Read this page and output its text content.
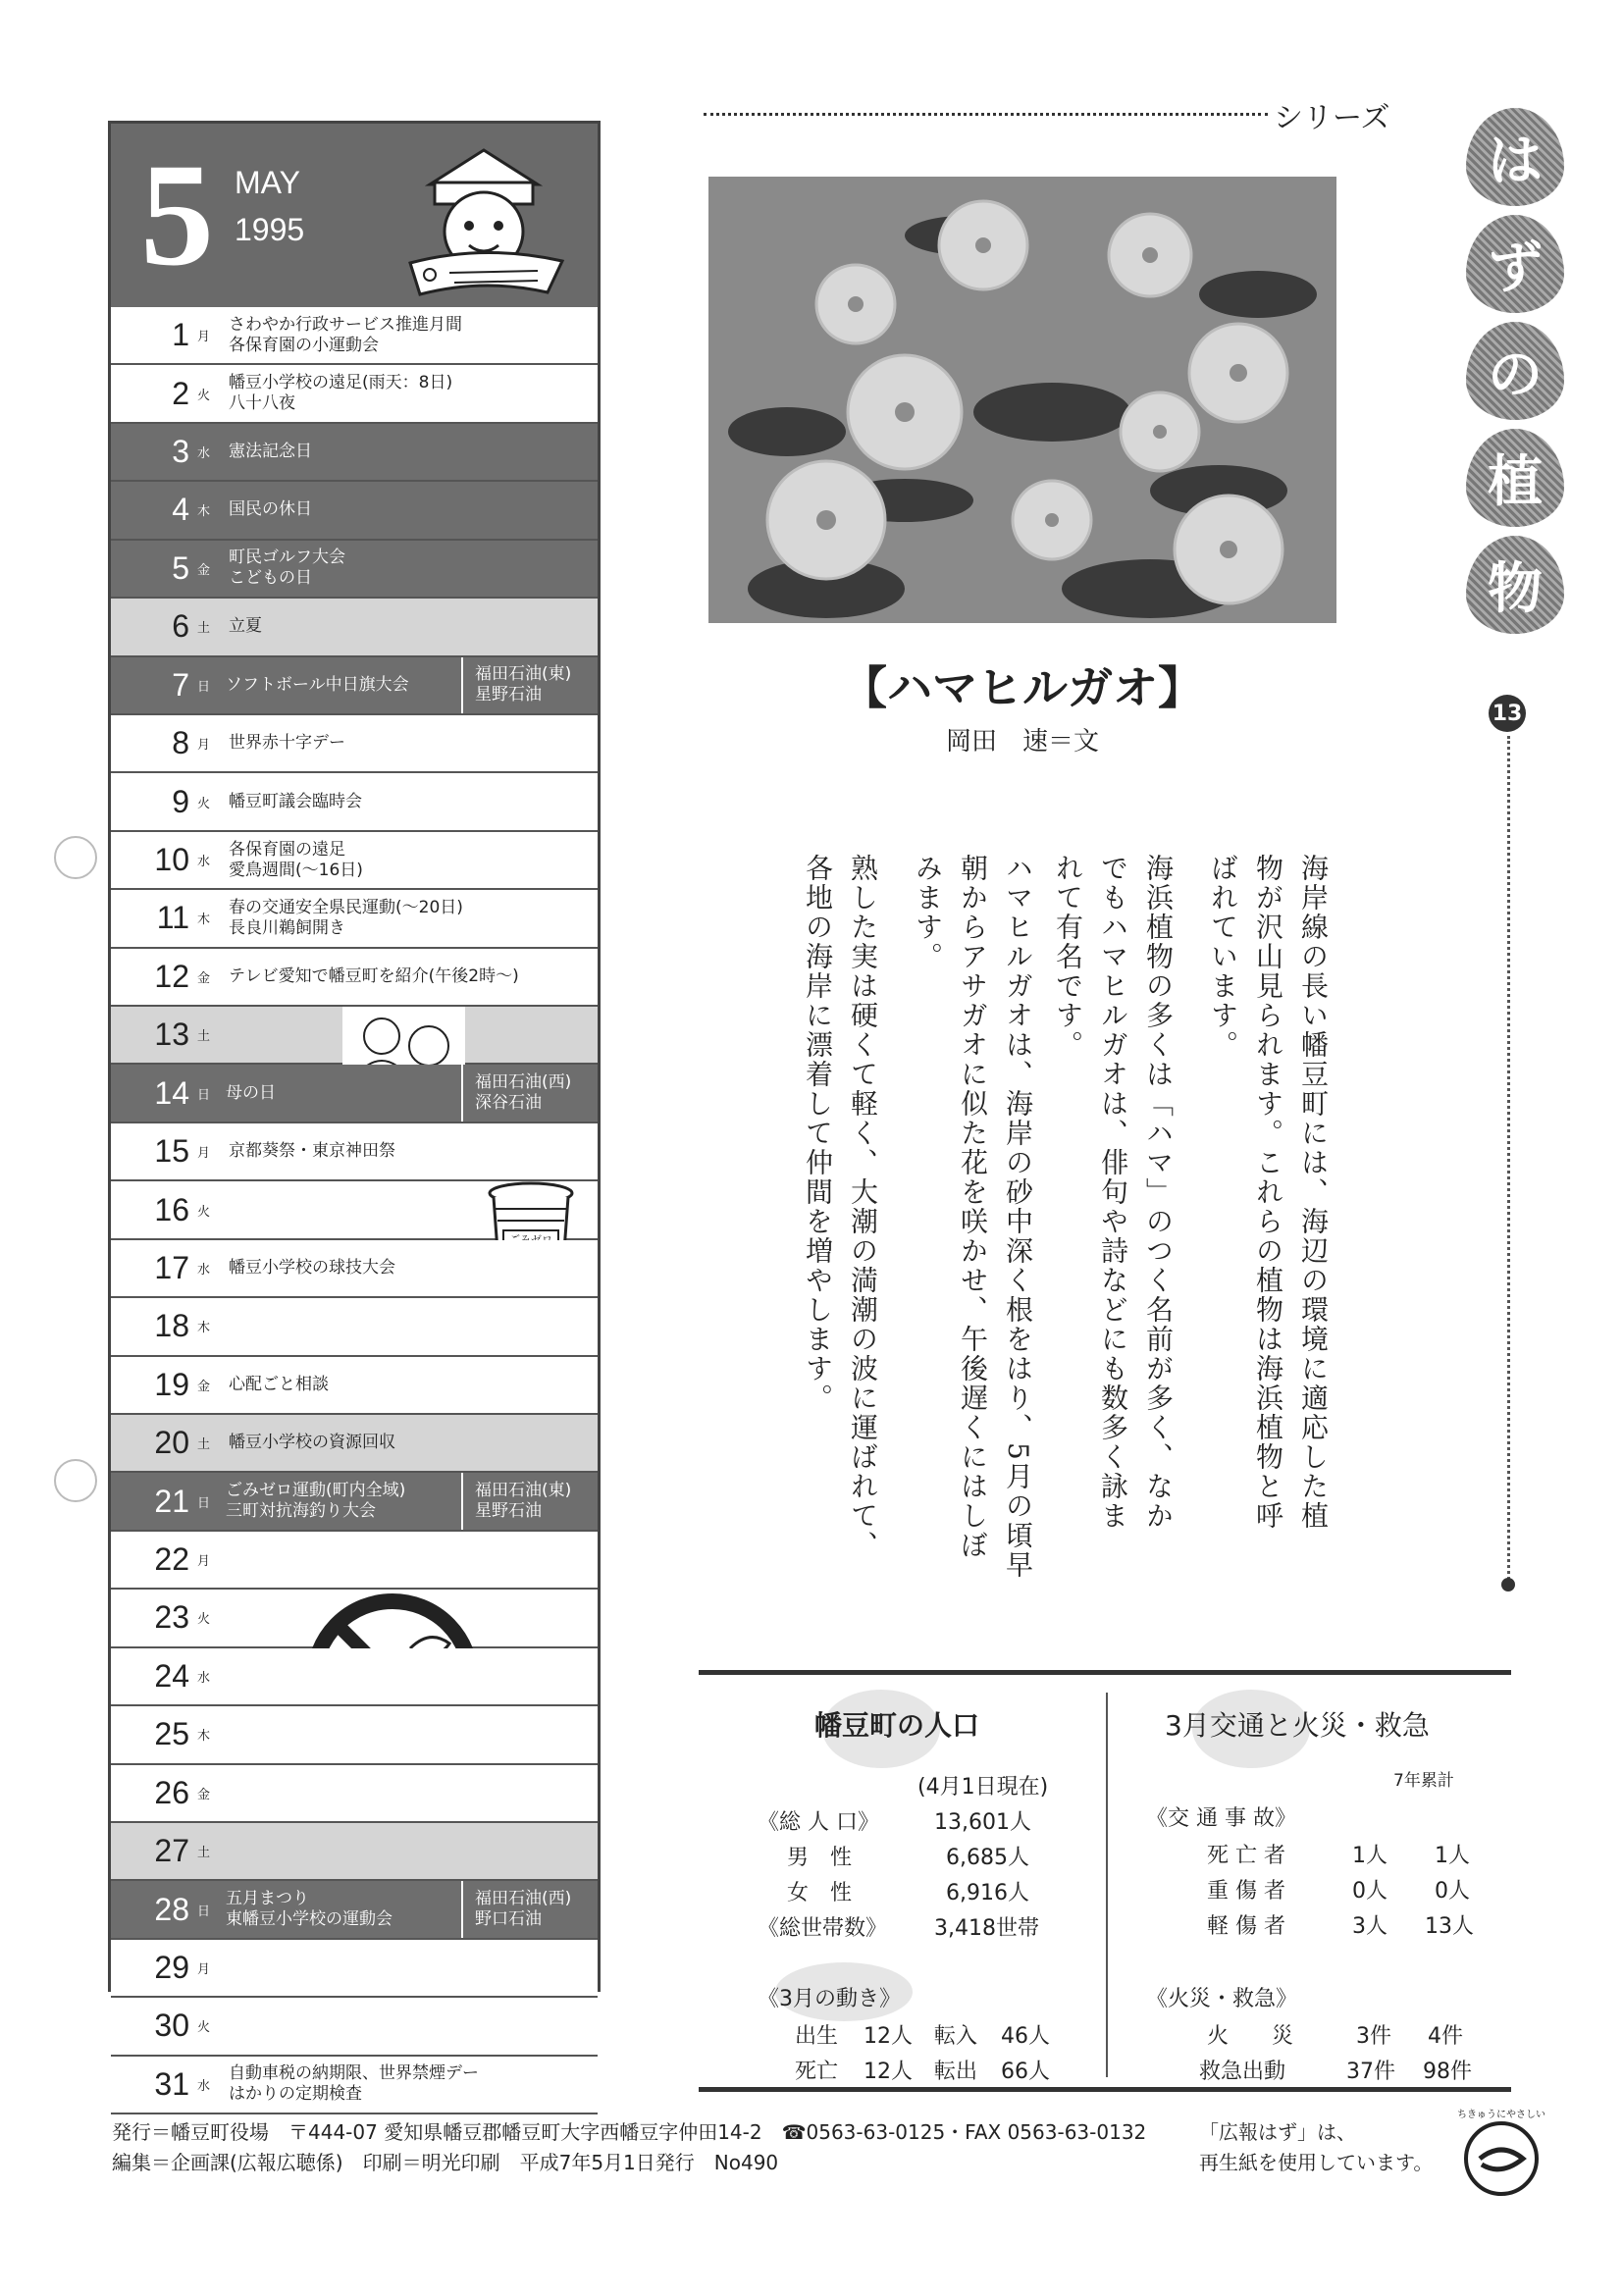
5 MAY
1995
1 月
さわやか行政サービス推進月間
各保育園の小運動会
2 火
幡豆小学校の遠足(雨天：8日)
八十八夜
3 水 憲法記念日
4 木 国民の休日
5 金
町民ゴルフ大会
こどもの日
6 土 立夏
7 日 ソフトボール中日旗大会
福田石油(東)
星野石油
8 月 世界赤十字デー
9 火 幡豆町議会臨時会
10 水
各保育園の遠足
愛鳥週間(～16日)
11 木
春の交通安全県民運動(～20日)
長良川鵜飼開き
12 金 テレビ愛知で幡豆町を紹介(午後2時～)
13 土
14 日 母の日
福田石油(西)
深谷石油
15 月 京都葵祭・東京神田祭
16 火
17 水 幡豆小学校の球技大会
18 木
19 金 心配ごと相談
20 土 幡豆小学校の資源回収
21 日
ごみゼロ運動(町内全域)
三町対抗海釣り大会
福田石油(東)
星野石油
22 月
23 火
24 水
25 木
26 金
27 土
28 日
五月まつり
東幡豆小学校の運動会
福田石油(西)
野口石油
29 月
30 火
31 水
自動車税の納期限、世界禁煙デー
はかりの定期検査
シリーズ
は
ず
の
植
物
13
【ハマヒルガオ】
岡田　速＝文

海岸線の長い幡豆町には、海辺の環境に適応した植物が沢山見られます。これらの植物は海浜植物と呼ばれています。

海浜植物の多くは「ハマ」のつく名前が多く、なかでもハマヒルガオは、俳句や詩などにも数多く詠まれて有名です。

ハマヒルガオは、海岸の砂中深く根をはり、5月の頃早朝からアサガオに似た花を咲かせ、午後遅くにはしぼみます。

熟した実は硬くて軽く、大潮の満潮の波に運ばれて、各地の海岸に漂着して仲間を増やします。

幡豆町の人口
(4月1日現在)
《総 人 口》	13,601人
男　性	6,685人
女　性	6,916人
《総世帯数》 3,418世帯
《3月の動き》
出生 12人 転入 46人
死亡 12人 転出 66人
3月交通と火災・救急
7年累計
《交 通 事 故》
死 亡 者	1人 1人
重 傷 者	0人 0人
軽 傷 者	3人 13人
《火災・救急》
火　　災	3件 4件
救急出動	37件 98件
発行＝幡豆町役場　〒444-07 愛知県幡豆郡幡豆町大字西幡豆字仲田14-2　☎0563-63-0125・FAX 0563-63-0132
編集＝企画課(広報広聴係)　印刷＝明光印刷　平成7年5月1日発行　No490
「広報はず」は、
再生紙を使用しています。
ちきゅうにやさしい
